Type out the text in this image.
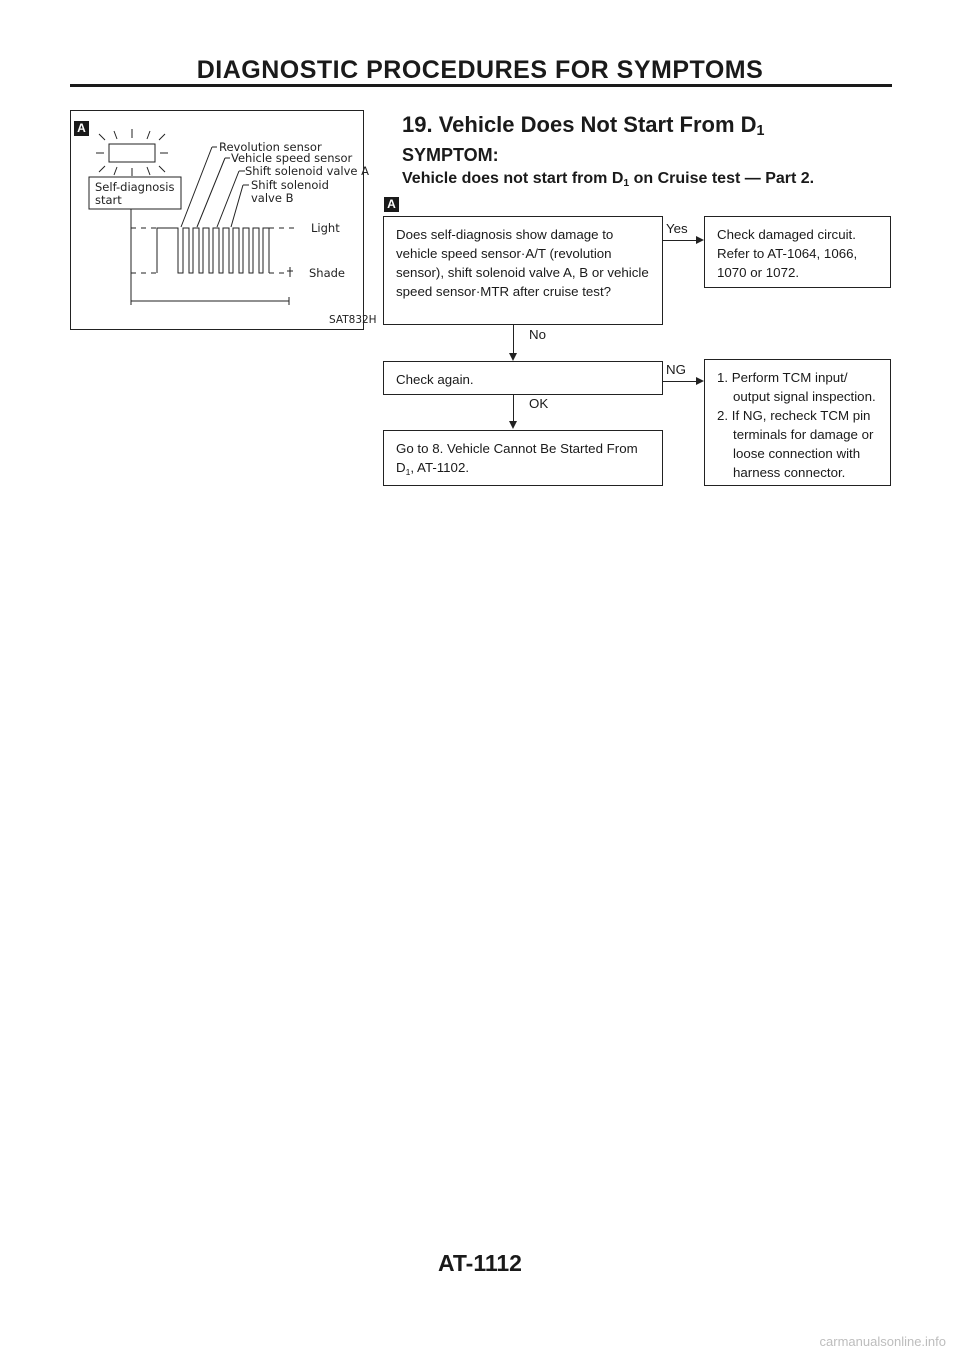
DIAGNOSTIC PROCEDURES FOR SYMPTOMS
A
Self-diagnosis
start
Revolution sensor
Vehicle speed sensor
Shift solenoid valve A
Shift solenoid
valve B
Light
Shade
SAT832H
19. Vehicle Does Not Start From $D_1$
SYMPTOM:
Vehicle does not start from $D_1$ on Cruise test — Part 2.
A
Does self-diagnosis show damage to vehicle speed sensor·A/T (revolution sensor), shift solenoid valve A, B or vehicle speed sensor·MTR after cruise test?
Yes	Check damaged circuit. Refer to AT-1064, 1066, 1070 or 1072.
No
Check again.
NG
1. Perform TCM input/ output signal inspection.
2. If NG, recheck TCM pin terminals for damage or loose connection with harness connector.
OK
Go to 8. Vehicle Cannot Be Started From $D_1$, AT-1102.
AT-1112
carmanualsonline.info
